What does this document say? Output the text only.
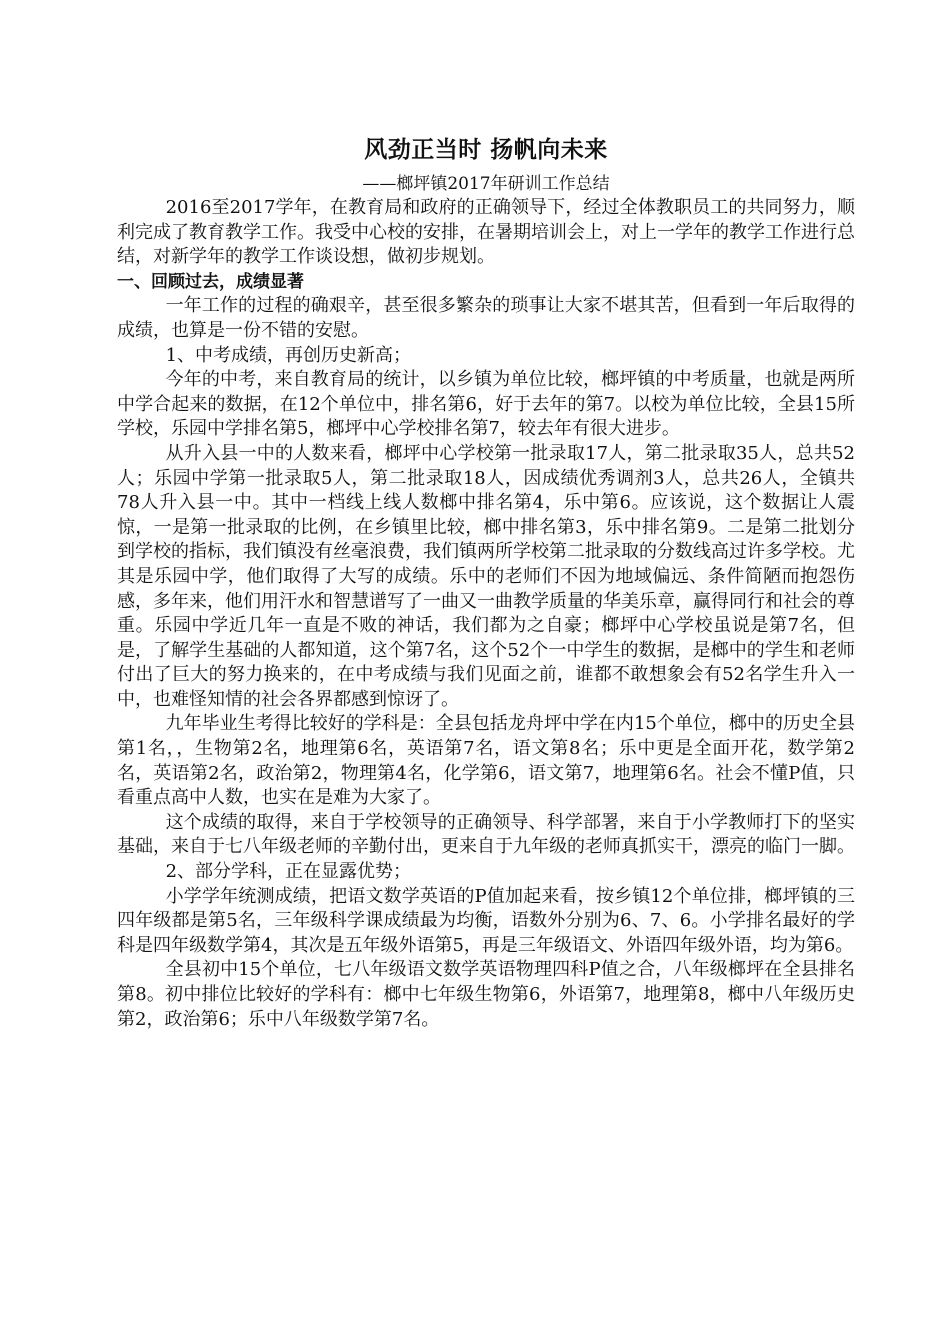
风劲正当时 扬帆向未来
——榔坪镇2017年研训工作总结

2016至2017学年，在教育局和政府的正确领导下，经过全体教职员工的共同努力，顺利完成了教育教学工作。我受中心校的安排，在暑期培训会上，对上一学年的教学工作进行总结，对新学年的教学工作谈设想，做初步规划。

一、回顾过去，成绩显著

一年工作的过程的确艰辛，甚至很多繁杂的琐事让大家不堪其苦，但看到一年后取得的成绩，也算是一份不错的安慰。

1、中考成绩，再创历史新高；

今年的中考，来自教育局的统计，以乡镇为单位比较，榔坪镇的中考质量，也就是两所中学合起来的数据，在12个单位中，排名第6，好于去年的第7。以校为单位比较，全县15所学校，乐园中学排名第5，榔坪中心学校排名第7，较去年有很大进步。

从升入县一中的人数来看，榔坪中心学校第一批录取17人，第二批录取35人，总共52人；乐园中学第一批录取5人，第二批录取18人，因成绩优秀调剂3人，总共26人，全镇共78人升入县一中。其中一档线上线人数榔中排名第4，乐中第6。应该说，这个数据让人震惊，一是第一批录取的比例，在乡镇里比较，榔中排名第3，乐中排名第9。二是第二批划分到学校的指标，我们镇没有丝毫浪费，我们镇两所学校第二批录取的分数线高过许多学校。尤其是乐园中学，他们取得了大写的成绩。乐中的老师们不因为地域偏远、条件简陋而抱怨伤感，多年来，他们用汗水和智慧谱写了一曲又一曲教学质量的华美乐章，赢得同行和社会的尊重。乐园中学近几年一直是不败的神话，我们都为之自豪；榔坪中心学校虽说是第7名，但是，了解学生基础的人都知道，这个第7名，这个52个一中学生的数据，是榔中的学生和老师付出了巨大的努力换来的，在中考成绩与我们见面之前，谁都不敢想象会有52名学生升入一中，也难怪知情的社会各界都感到惊讶了。

九年毕业生考得比较好的学科是：全县包括龙舟坪中学在内15个单位，榔中的历史全县第1名，，生物第2名，地理第6名，英语第7名，语文第8名；乐中更是全面开花，数学第2名，英语第2名，政治第2，物理第4名，化学第6，语文第7，地理第6名。社会不懂P值，只看重点高中人数，也实在是难为大家了。

这个成绩的取得，来自于学校领导的正确领导、科学部署，来自于小学教师打下的坚实基础，来自于七八年级老师的辛勤付出，更来自于九年级的老师真抓实干，漂亮的临门一脚。

2、部分学科，正在显露优势；

小学学年统测成绩，把语文数学英语的P值加起来看，按乡镇12个单位排，榔坪镇的三四年级都是第5名，三年级科学课成绩最为均衡，语数外分别为6、7、6。小学排名最好的学科是四年级数学第4，其次是五年级外语第5，再是三年级语文、外语四年级外语，均为第6。

全县初中15个单位，七八年级语文数学英语物理四科P值之合，八年级榔坪在全县排名第8。初中排位比较好的学科有：榔中七年级生物第6，外语第7，地理第8，榔中八年级历史第2，政治第6；乐中八年级数学第7名。
